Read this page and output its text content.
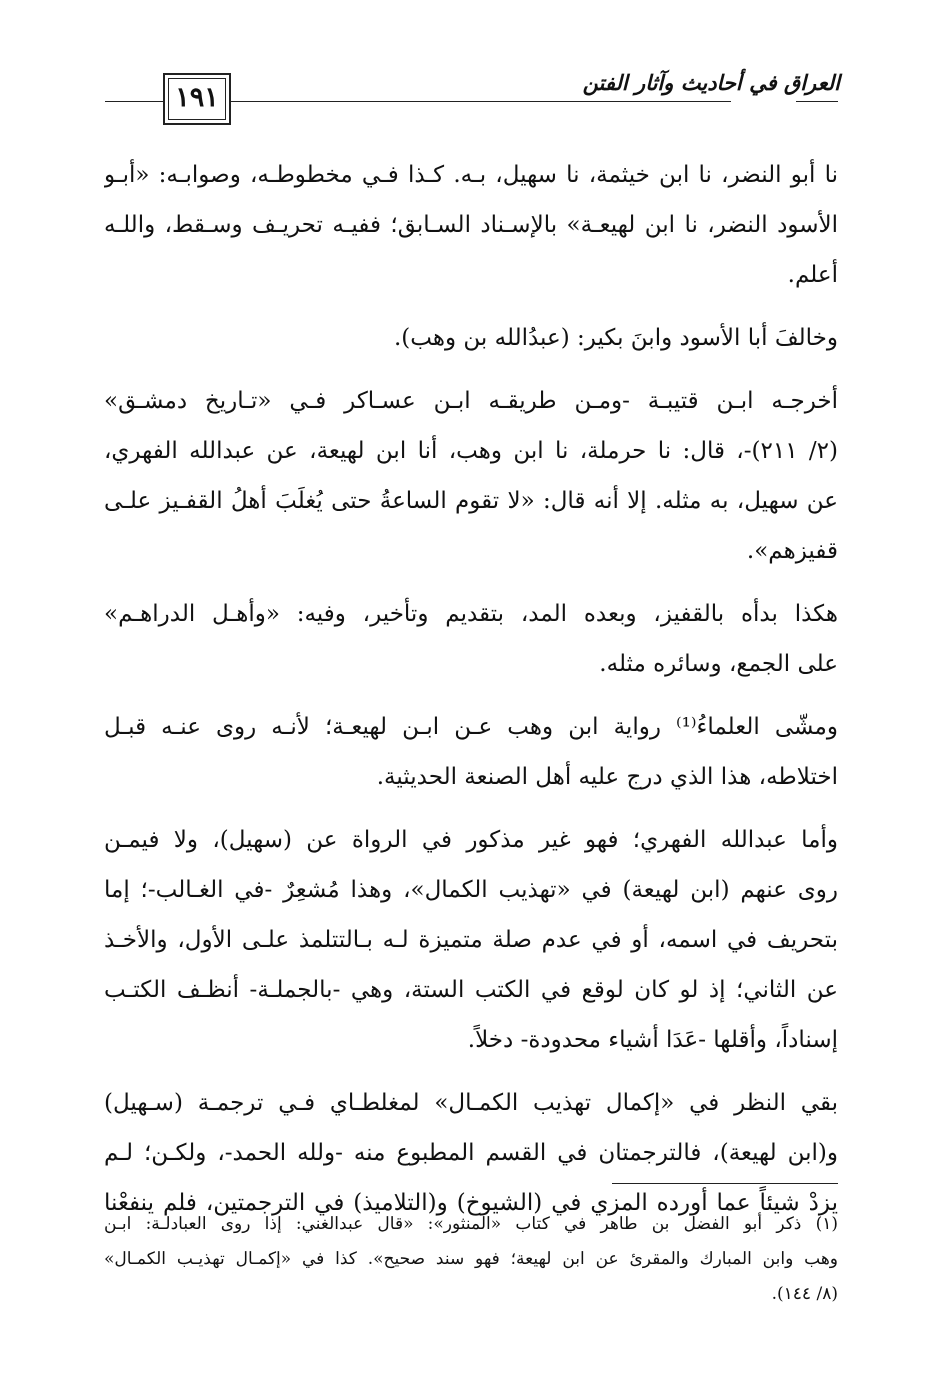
١٩١	العراق في أحاديث وآثار الفتن
نا أبو النضر، نا ابن خيثمة، نا سهيل، بـه. كـذا فـي مخطوطـه، وصوابـه: «أبـو
الأسود النضر، نا ابن لهيعـة» بالإسـناد السـابق؛ ففيـه تحريـف وسـقط، واللـه
أعلم.
وخالفَ أبا الأسود وابنَ بكير: (عبدُالله بن وهب).
أخرجـه ابـن قتيبـة -ومـن طريقـه ابـن عسـاكر فـي «تـاريخ دمشـق»
(٢/ ٢١١)-، قال: نا حرملة، نا ابن وهب، أنا ابن لهيعة، عن عبدالله الفهري،
عن سهيل، به مثله. إلا أنه قال: «لا تقوم الساعةُ حتى يُغلَبَ أهلُ القفـيز علـى
قفيزهم».
هكذا بدأه بالقفيز، وبعده المد، بتقديم وتأخير، وفيه: «وأهـل الدراهـم»
على الجمع، وسائره مثله.
ومشّى العلماءُ⁽¹⁾ رواية ابن وهب عـن ابـن لهيعـة؛ لأنـه روى عنـه قبـل
اختلاطه، هذا الذي درج عليه أهل الصنعة الحديثية.
وأما عبدالله الفهري؛ فهو غير مذكور في الرواة عن (سهيل)، ولا فيمـن
روى عنهم (ابن لهيعة) في «تهذيب الكمال»، وهذا مُشعِرٌ -في الغـالب-؛ إما
بتحريف في اسمه، أو في عدم صلة متميزة لـه بـالتتلمذ علـى الأول، والأخـذ
عن الثاني؛ إذ لو كان لوقع في الكتب الستة، وهي -بالجملـة- أنظـف الكتـب
إسناداً، وأقلها -عَدَا أشياء محدودة- دخلاً.
بقي النظر في «إكمال تهذيب الكمـال» لمغلطـاي فـي ترجمـة (سـهيل)
و(ابن لهيعة)، فالترجمتان في القسم المطبوع منه -ولله الحمد-، ولكـن؛ لـم
يزدْ شيئاً عما أورده المزي في (الشيوخ) و(التلاميذ) في الترجمتين، فلم ينفعْنا
(١) ذكر أبو الفضل بن طاهر في كتاب «المنثور»: «قال عبدالغني: إذا روى العبادلـة: ابـن
وهب وابن المبارك والمقرئ عن ابن لهيعة؛ فهو سند صحيح». كذا في «إكمـال تهذيـب الكمـال»
(٨/ ١٤٤).
